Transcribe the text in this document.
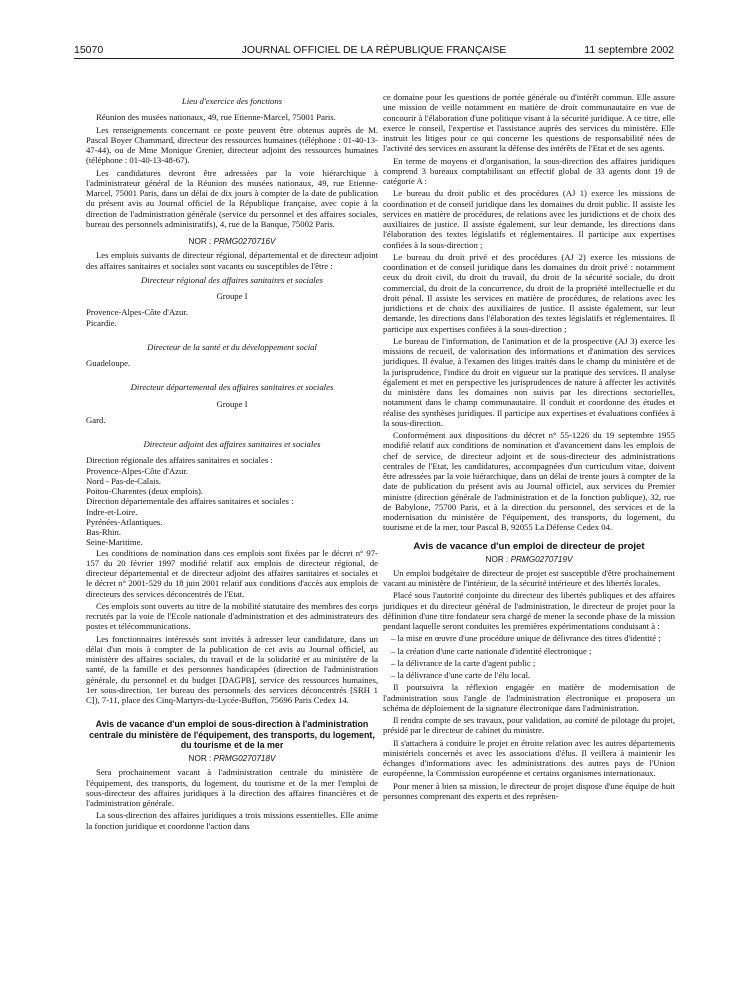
15070	JOURNAL OFFICIEL DE LA RÉPUBLIQUE FRANÇAISE	11 septembre 2002
Lieu d'exercice des fonctions

Réunion des musées nationaux, 49, rue Etienne-Marcel, 75001 Paris.

Les renseignements concernant ce poste peuvent être obtenus auprès de M. Pascal Boyer Chammard, directeur des ressources humaines (téléphone : 01-40-13-47-44), ou de Mme Monique Grenier, directeur adjoint des ressources humaines (téléphone : 01-40-13-48-67).

Les candidatures devront être adressées par la voie hiérarchique à l'administrateur général de la Réunion des musées nationaux, 49, rue Etienne-Marcel, 75001 Paris, dans un délai de dix jours à compter de la date de publication du présent avis au Journal officiel de la République française, avec copie à la direction de l'administration générale (service du personnel et des affaires sociales, bureau des personnels administratifs), 4, rue de la Banque, 75002 Paris.

NOR : PRMG0270716V

Les emplois suivants de directeur régional, départemental et de directeur adjoint des affaires sanitaires et sociales sont vacants ou susceptibles de l'être :

Directeur régional des affaires sanitaires et sociales
Groupe I
Provence-Alpes-Côte d'Azur.
Picardie.
Directeur de la santé et du développement social
Guadeloupe.
Directeur départemental des affaires sanitaires et sociales
Groupe I
Gard.
Directeur adjoint des affaires sanitaires et sociales
Direction régionale des affaires sanitaires et sociales :
Provence-Alpes-Côte d'Azur.
Nord - Pas-de-Calais.
Poitou-Charentes (deux emplois).
Direction départementale des affaires sanitaires et sociales :
Indre-et-Loire.
Pyrénées-Atlantiques.
Bas-Rhin.
Seine-Maritime.

Les conditions de nomination dans ces emplois sont fixées par le décret n° 97-157 du 20 février 1997 modifié relatif aux emplois de directeur régional, de directeur départemental et de directeur adjoint des affaires sanitaires et sociales et le décret n° 2001-529 du 18 juin 2001 relatif aux conditions d'accès aux emplois de directeurs des services déconcentrés de l'Etat.

Ces emplois sont ouverts au titre de la mobilité statutaire des membres des corps recrutés par la voie de l'Ecole nationale d'administration et des administrateurs des postes et télécommunications.

Les fonctionnaires intéressés sont invités à adresser leur candidature, dans un délai d'un mois à compter de la publication de cet avis au Journal officiel, au ministère des affaires sociales, du travail et de la solidarité et au ministère de la santé, de la famille et des personnes handicapées (direction de l'administration générale, du personnel et du budget [DAGPB], service des ressources humaines, 1er sous-direction, 1er bureau des personnels des services déconcentrés [SRH 1 C]), 7-11, place des Cinq-Martyrs-du-Lycée-Buffon, 75696 Paris Cedex 14.

Avis de vacance d'un emploi de sous-direction à l'administration centrale du ministère de l'équipement, des transports, du logement, du tourisme et de la mer
NOR : PRMG0270718V

Sera prochainement vacant à l'administration centrale du ministère de l'équipement, des transports, du logement, du tourisme et de la mer l'emploi de sous-directeur des affaires juridiques à la direction des affaires financières et de l'administration générale.

La sous-direction des affaires juridiques a trois missions essentielles. Elle anime la fonction juridique et coordonne l'action dans

ce domaine pour les questions de portée générale ou d'intérêt commun. Elle assure une mission de veille notamment en matière de droit communautaire en vue de concourir à l'élaboration d'une politique visant à la sécurité juridique. A ce titre, elle exerce le conseil, l'expertise et l'assistance auprès des services du ministère. Elle instruit les litiges pour ce qui concerne les questions de responsabilité nées de l'activité des services en assurant la défense des intérêts de l'Etat et de ses agents.

En terme de moyens et d'organisation, la sous-direction des affaires juridiques comprend 3 bureaux comptabilisant un effectif global de 33 agents dont 19 de catégorie A :

Le bureau du droit public et des procédures (AJ 1) exerce les missions de coordination et de conseil juridique dans les domaines du droit public. Il assiste les services en matière de procédures, de relations avec les juridictions et de choix des auxiliaires de justice. Il assiste également, sur leur demande, les directions dans l'élaboration des textes législatifs et réglementaires. Il participe aux expertises confiées à la sous-direction ;

Le bureau du droit privé et des procédures (AJ 2) exerce les missions de coordination et de conseil juridique dans les domaines du droit privé : notamment ceux du droit civil, du droit du travail, du droit de la sécurité sociale, du droit commercial, du droit de la concurrence, du droit de la propriété intellectuelle et du droit pénal. Il assiste les services en matière de procédures, de relations avec les juridictions et de choix des auxiliaires de justice. Il assiste également, sur leur demande, les directions dans l'élaboration des textes législatifs et réglementaires. Il participe aux expertises confiées à la sous-direction ;

Le bureau de l'information, de l'animation et de la prospective (AJ 3) exerce les missions de recueil, de valorisation des informations et d'animation des services juridiques. Il évalue, à l'examen des litiges traités dans le champ du ministère et de la jurisprudence, l'indice du droit en vigueur sur la pratique des services. Il analyse également et met en perspective les jurisprudences de nature à affecter les activités du ministère dans les domaines non suivis par les directions sectorielles, notamment dans le champ communautaire. Il conduit et coordonne des études et réalise des synthèses juridiques. Il participe aux expertises et évaluations confiées à la sous-direction.

Conformément aux dispositions du décret n° 55-1226 du 19 septembre 1955 modifié relatif aux conditions de nomination et d'avancement dans les emplois de chef de service, de directeur adjoint et de sous-directeur des administrations centrales de l'Etat, les candidatures, accompagnées d'un curriculum vitae, doivent être adressées par la voie hiérarchique, dans un délai de trente jours à compter de la date de publication du présent avis au Journal officiel, aux services du Premier ministre (direction générale de l'administration et de la fonction publique), 32, rue de Babylone, 75700 Paris, et à la direction du personnel, des services et de la modernisation du ministère de l'équipement, des transports, du logement, du tourisme et de la mer, tour Pascal B, 92055 La Défense Cedex 04.

Avis de vacance d'un emploi de directeur de projet
NOR : PRMG0270719V

Un emploi budgétaire de directeur de projet est susceptible d'être prochainement vacant au ministère de l'intérieur, de la sécurité intérieure et des libertés locales.

Placé sous l'autorité conjointe du directeur des libertés publiques et des affaires juridiques et du directeur général de l'administration, le directeur de projet pour la définition d'une titre fondateur sera chargé de mener la seconde phase de la mission pendant laquelle seront conduites les premières expérimentations conduisant à :

– la mise en œuvre d'une procédure unique de délivrance des titres d'identité ;

– la création d'une carte nationale d'identité électronique ;

– la délivrance de la carte d'agent public ;

– la délivrance d'une carte de l'élu local.

Il poursuivra la réflexion engagée en matière de modernisation de l'administration sous l'angle de l'administration électronique et proposera un schéma de déploiement de la signature électronique dans l'administration.

Il rendra compte de ses travaux, pour validation, au comité de pilotage du projet, présidé par le directeur de cabinet du ministre.

Il s'attachera à conduire le projet en étroite relation avec les autres départements ministériels concernés et avec les associations d'élus. Il veillera à maintenir les échanges d'informations avec les administrations des autres pays de l'Union européenne, la Commission européenne et certains organismes internationaux.

Pour mener à bien sa mission, le directeur de projet dispose d'une équipe de huit personnes comprenant des experts et des représen-
